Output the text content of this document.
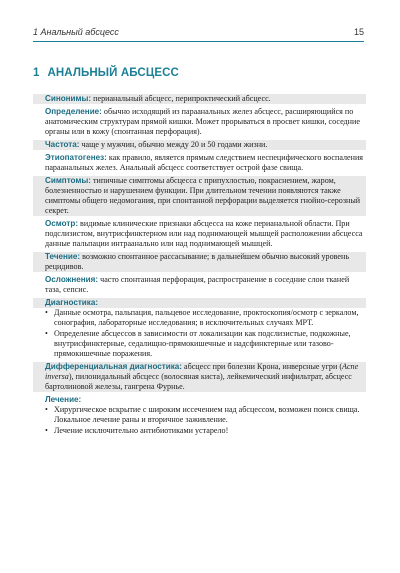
1 Анальный абсцесс	15
1 АНАЛЬНЫЙ АБСЦЕСС
Синонимы: перианальный абсцесс, перипроктический абсцесс.
Определение: обычно исходящий из параанальных желез абсцесс, расширяющийся по анатомическим структурам прямой кишки. Может прорываться в просвет кишки, соседние органы или в кожу (спонтанная перфорация).
Частота: чаще у мужчин, обычно между 20 и 50 годами жизни.
Этиопатогенез: как правило, является прямым следствием неспецифического воспаления параанальных желез. Анальный абсцесс соответствует острой фазе свища.
Симптомы: типичные симптомы абсцесса с припухлостью, покраснением, жаром, болезненностью и нарушением функции. При длительном течении появляются также симптомы общего недомогания, при спонтанной перфорации выделяется гнойно-серозный секрет.
Осмотр: видимые клинические признаки абсцесса на коже перианальной области. При подслизистом, внутрисфинктерном или над поднимающей мышцей расположении абсцесса данные пальпации интраанально или над поднимающей мышцей.
Течение: возможно спонтанное рассасывание; в дальнейшем обычно высокий уровень рецидивов.
Осложнения: часто спонтанная перфорация, распространение в соседние слои тканей таза, сепсис.
Диагностика:
• Данные осмотра, пальпация, пальцевое исследование, проктоскопия/осмотр с зеркалом, сонография, лабораторные исследования; в исключительных случаях МРТ.
• Определение абсцессов в зависимости от локализации как подслизистые, подкожные, внутрисфинктерные, седалищно-прямокишечные и надсфинктерные или тазово-прямокишечные поражения.
Дифференциальная диагностика: абсцесс при болезни Крона, инверсные угри (Acne inversa), пилонидальный абсцесс (волосяная киста), лейкемический инфильтрат, абсцесс бартолиновой железы, гангрена Фурнье.
Лечение:
• Хирургическое вскрытие с широким иссечением над абсцессом, возможен поиск свища. Локальное лечение раны и вторичное заживление.
• Лечение исключительно антибиотиками устарело!
